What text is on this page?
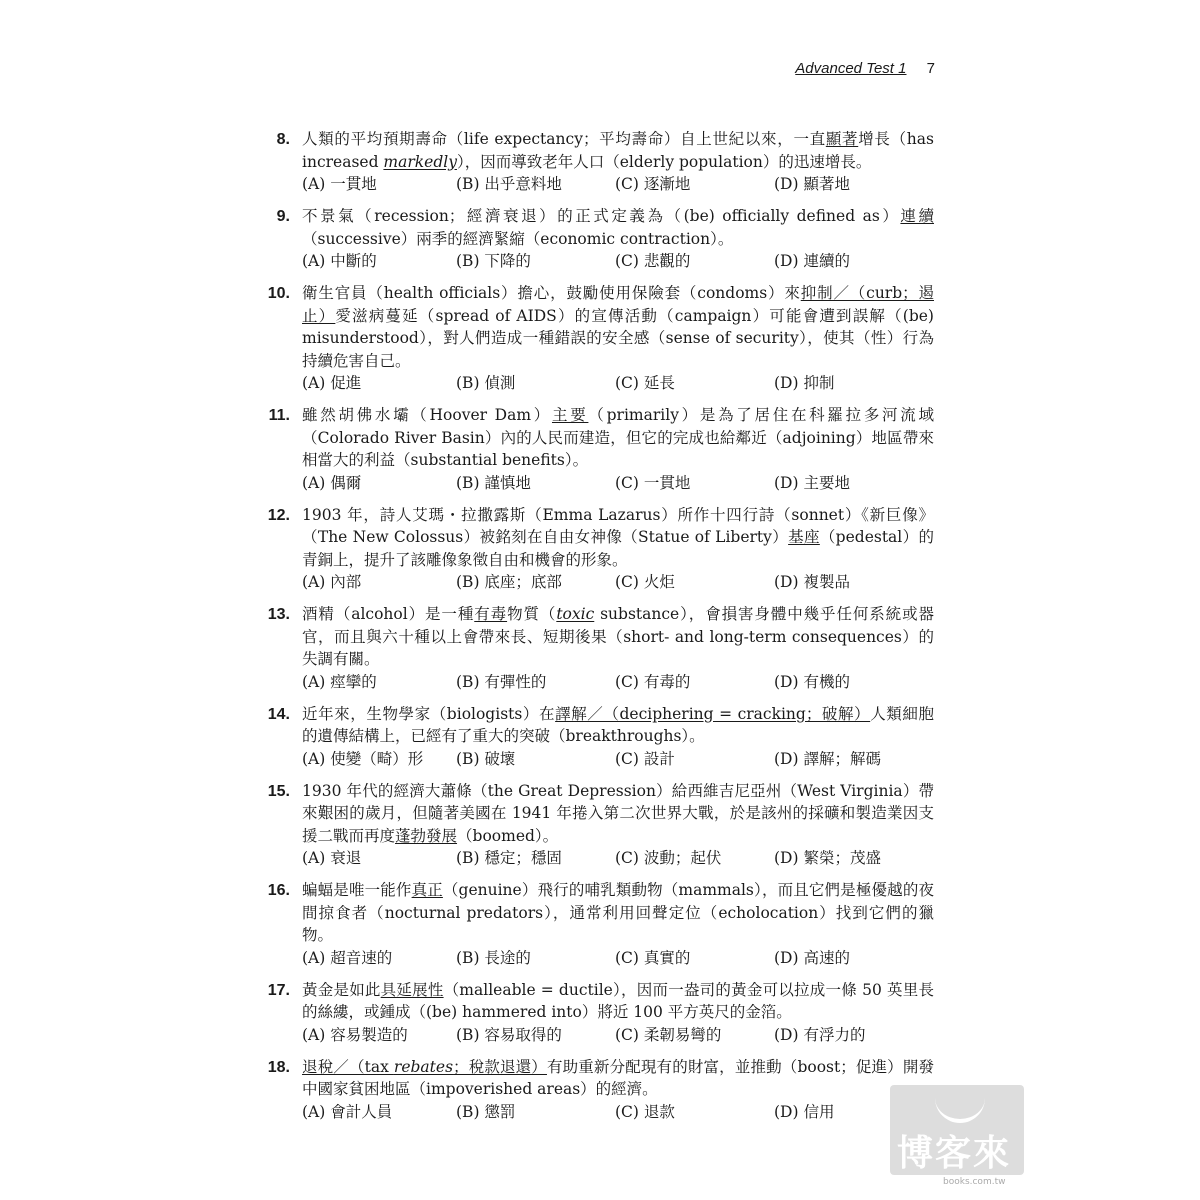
Advanced Test 1 7
8. 人類的平均預期壽命（life expectancy；平均壽命）自上世紀以來，一直顯著增長（has increased markedly），因而導致老年人口（elderly population）的迅速增長。
(A) 一貫地	(B) 出乎意料地	(C) 逐漸地	(D) 顯著地
9. 不景氣（recession；經濟衰退）的正式定義為（(be) officially defined as）連續（successive）兩季的經濟緊縮（economic contraction）。
(A) 中斷的	(B) 下降的	(C) 悲觀的	(D) 連續的
10. 衛生官員（health officials）擔心，鼓勵使用保險套（condoms）來抑制／（curb；遏止）愛滋病蔓延（spread of AIDS）的宣傳活動（campaign）可能會遭到誤解（(be) misunderstood），對人們造成一種錯誤的安全感（sense of security），使其（性）行為持續危害自己。
(A) 促進	(B) 偵測	(C) 延長	(D) 抑制
11. 雖然胡佛水壩（Hoover Dam）主要（primarily）是為了居住在科羅拉多河流域（Colorado River Basin）內的人民而建造，但它的完成也給鄰近（adjoining）地區帶來相當大的利益（substantial benefits）。
(A) 偶爾	(B) 謹慎地	(C) 一貫地	(D) 主要地
12. 1903 年，詩人艾瑪・拉撒露斯（Emma Lazarus）所作十四行詩（sonnet）《新巨像》（The New Colossus）被銘刻在自由女神像（Statue of Liberty）基座（pedestal）的青銅上，提升了該雕像象徵自由和機會的形象。
(A) 內部	(B) 底座；底部	(C) 火炬	(D) 複製品
13. 酒精（alcohol）是一種有毒物質（toxic substance），會損害身體中幾乎任何系統或器官，而且與六十種以上會帶來長、短期後果（short- and long-term consequences）的失調有關。
(A) 痙攣的	(B) 有彈性的	(C) 有毒的	(D) 有機的
14. 近年來，生物學家（biologists）在譯解／（deciphering = cracking；破解）人類細胞的遺傳結構上，已經有了重大的突破（breakthroughs）。
(A) 使變（畸）形 (B) 破壞	(C) 設計	(D) 譯解；解碼
15. 1930 年代的經濟大蕭條（the Great Depression）給西維吉尼亞州（West Virginia）帶來艱困的歲月，但隨著美國在 1941 年捲入第二次世界大戰，於是該州的採礦和製造業因支援二戰而再度蓬勃發展（boomed）。
(A) 衰退	(B) 穩定；穩固	(C) 波動；起伏	(D) 繁榮；茂盛
16. 蝙蝠是唯一能作真正（genuine）飛行的哺乳類動物（mammals），而且它們是極優越的夜間掠食者（nocturnal predators），通常利用回聲定位（echolocation）找到它們的獵物。
(A) 超音速的	(B) 長途的	(C) 真實的	(D) 高速的
17. 黃金是如此具延展性（malleable = ductile），因而一盎司的黃金可以拉成一條 50 英里長的絲縷，或鍾成（(be) hammered into）將近 100 平方英尺的金箔。
(A) 容易製造的	(B) 容易取得的	(C) 柔韌易彎的	(D) 有浮力的
18. 退稅／（tax rebates；稅款退還）有助重新分配現有的財富，並推動（boost；促進）開發中國家貧困地區（impoverished areas）的經濟。
(A) 會計人員	(B) 懲罰	(C) 退款	(D) 信用
博客來
books.com.tw
